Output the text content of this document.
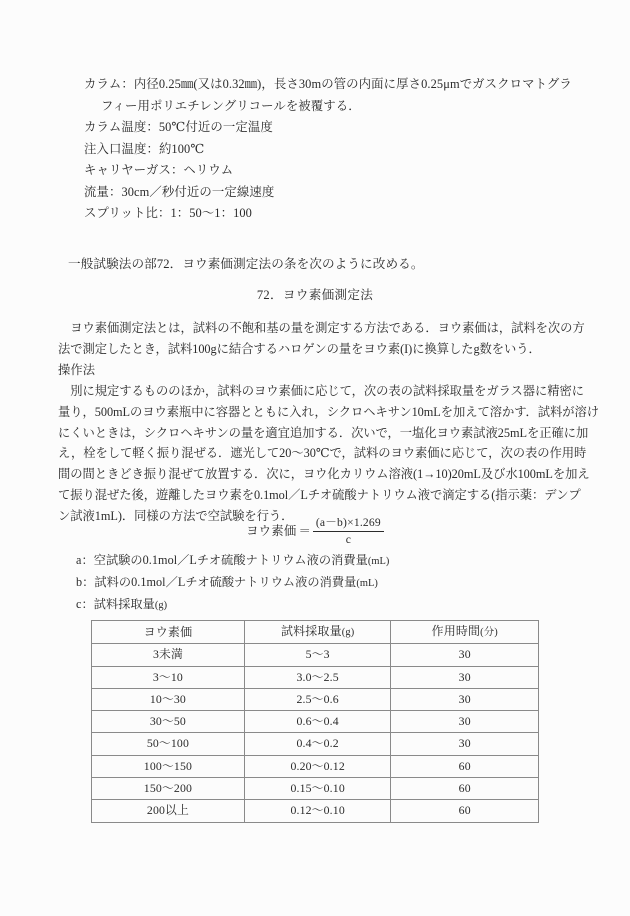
カラム：内径0.25㎜(又は0.32㎜)，長さ30mの管の内面に厚さ0.25μmでガスクロマトグラ
フィー用ポリエチレングリコールを被覆する．
カラム温度：50℃付近の一定温度
注入口温度：約100℃
キャリヤーガス：ヘリウム
流量：30cm／秒付近の一定線速度
スプリット比：1：50〜1：100
一般試験法の部72．ヨウ素価測定法の条を次のように改める。
72．ヨウ素価測定法
　ヨウ素価測定法とは，試料の不飽和基の量を測定する方法である．ヨウ素価は，試料を次の方
法で測定したとき，試料100gに結合するハロゲンの量をヨウ素(I)に換算したg数をいう．
操作法
　別に規定するもののほか，試料のヨウ素価に応じて，次の表の試料採取量をガラス器に精密に
量り，500mLのヨウ素瓶中に容器とともに入れ，シクロヘキサン10mLを加えて溶かす．試料が溶け
にくいときは，シクロヘキサンの量を適宜追加する．次いで，一塩化ヨウ素試液25mLを正確に加
え，栓をして軽く振り混ぜる．遮光して20〜30℃で，試料のヨウ素価に応じて，次の表の作用時
間の間ときどき振り混ぜて放置する．次に，ヨウ化カリウム溶液(1→10)20mL及び水100mLを加え
て振り混ぜた後，遊離したヨウ素を0.1mol／Lチオ硫酸ナトリウム液で滴定する(指示薬：デンプ
ン試液1mL)．同様の方法で空試験を行う．
ヨウ素価 ＝ $\frac{(a-b)\times 1.269}{c}$
a：空試験の0.1mol／Lチオ硫酸ナトリウム液の消費量(mL)
b：試料の0.1mol／Lチオ硫酸ナトリウム液の消費量(mL)
c：試料採取量(g)
ヨウ素価	試料採取量(g)	作用時間(分)
3未満	5〜3	30
3〜10	3.0〜2.5	30
10〜30	2.5〜0.6	30
30〜50	0.6〜0.4	30
50〜100	0.4〜0.2	30
100〜150	0.20〜0.12	60
150〜200	0.15〜0.10	60
200以上	0.12〜0.10	60
